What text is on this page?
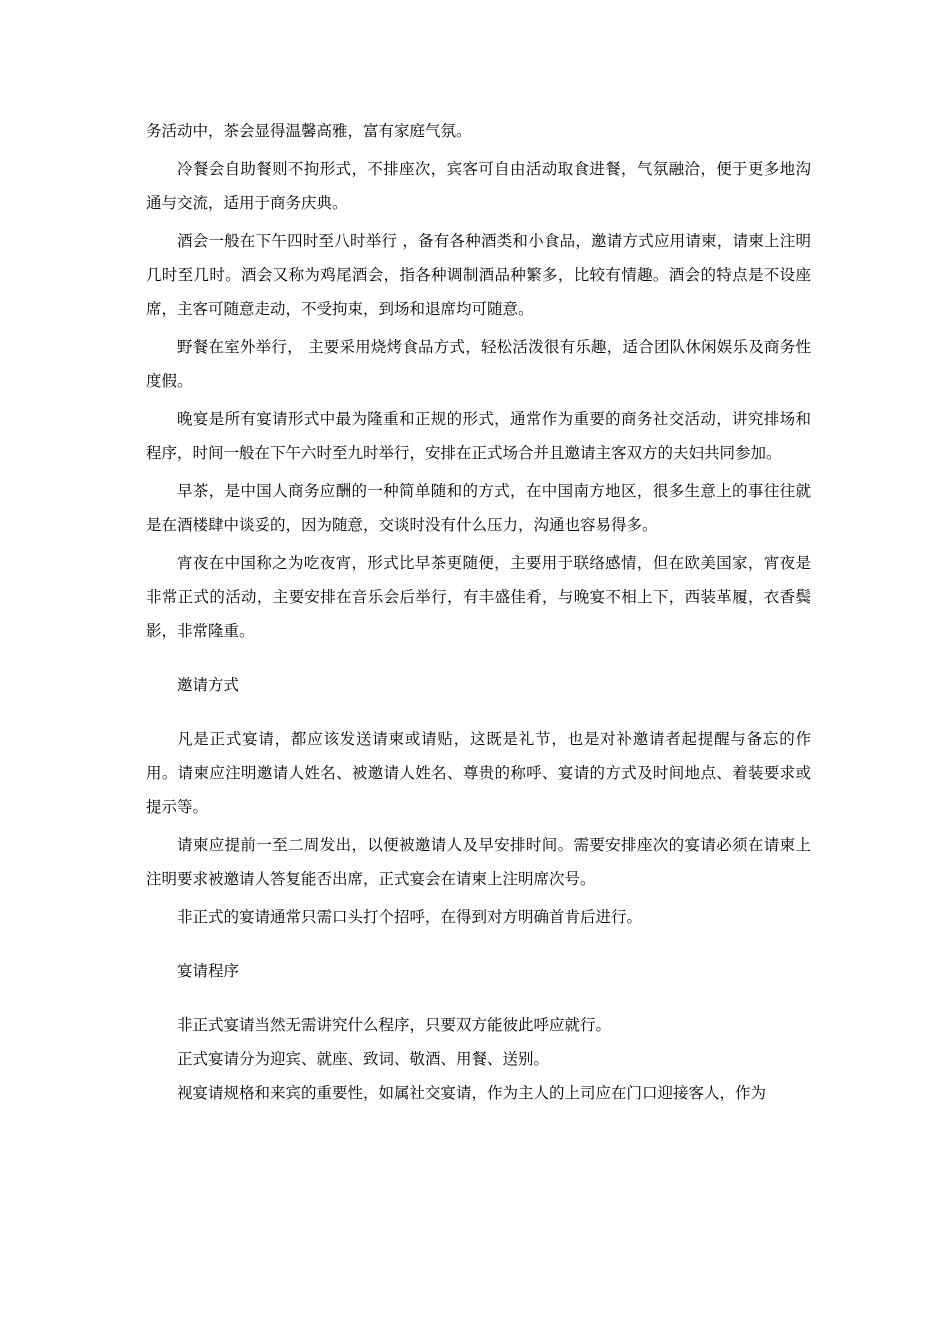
务活动中，茶会显得温馨高雅，富有家庭气氛。

冷餐会自助餐则不拘形式，不排座次，宾客可自由活动取食进餐，气氛融洽，便于更多地沟通与交流，适用于商务庆典。

酒会一般在下午四时至八时举行 ，备有各种酒类和小食品，邀请方式应用请柬，请柬上注明几时至几时。酒会又称为鸡尾酒会，指各种调制酒品种繁多，比较有情趣。酒会的特点是不设座席，主客可随意走动，不受拘束，到场和退席均可随意。

野餐在室外举行， 主要采用烧烤食品方式，轻松活泼很有乐趣，适合团队休闲娱乐及商务性度假。

晚宴是所有宴请形式中最为隆重和正规的形式，通常作为重要的商务社交活动，讲究排场和程序，时间一般在下午六时至九时举行，安排在正式场合并且邀请主客双方的夫妇共同参加。

早茶，是中国人商务应酬的一种简单随和的方式，在中国南方地区，很多生意上的事往往就是在酒楼肆中谈妥的，因为随意，交谈时没有什么压力，沟通也容易得多。

宵夜在中国称之为吃夜宵，形式比早茶更随便，主要用于联络感情，但在欧美国家，宵夜是非常正式的活动，主要安排在音乐会后举行，有丰盛佳肴，与晚宴不相上下，西装革履，衣香鬓影，非常隆重。

邀请方式

凡是正式宴请，都应该发送请柬或请贴，这既是礼节，也是对补邀请者起提醒与备忘的作用。请柬应注明邀请人姓名、被邀请人姓名、尊贵的称呼、宴请的方式及时间地点、着装要求或提示等。

请柬应提前一至二周发出，以便被邀请人及早安排时间。需要安排座次的宴请必须在请柬上注明要求被邀请人答复能否出席，正式宴会在请柬上注明席次号。

非正式的宴请通常只需口头打个招呼，在得到对方明确首肯后进行。

宴请程序

非正式宴请当然无需讲究什么程序，只要双方能彼此呼应就行。

正式宴请分为迎宾、就座、致词、敬酒、用餐、送别。

视宴请规格和来宾的重要性，如属社交宴请，作为主人的上司应在门口迎接客人，作为
